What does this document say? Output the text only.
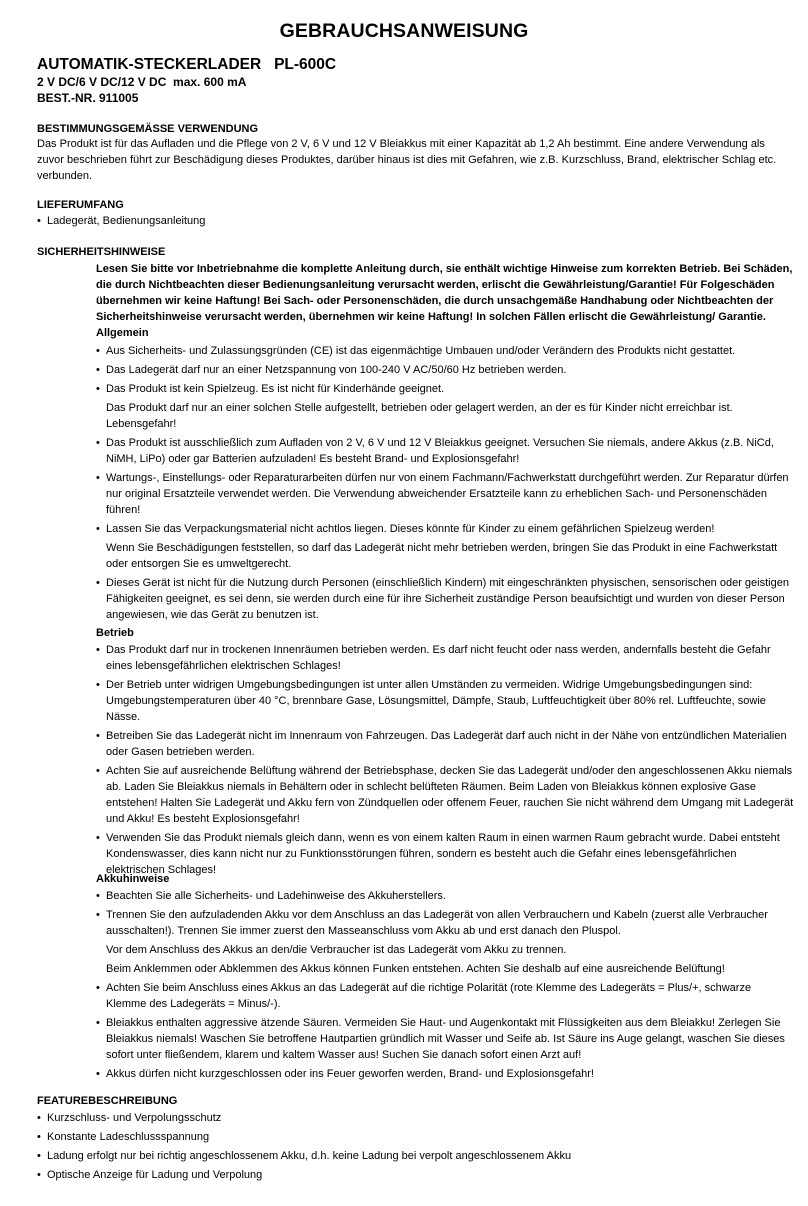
GEBRAUCHSANWEISUNG
AUTOMATIK-STECKERLADER   PL-600C
2 V DC/6 V DC/12 V DC  max. 600 mA
BEST.-NR. 911005
BESTIMMUNGSGEMÄSSE VERWENDUNG
Das Produkt ist für das Aufladen und die Pflege von 2 V, 6 V und 12 V Bleiakkus mit einer Kapazität ab 1,2 Ah bestimmt. Eine andere Verwendung als
zuvor beschrieben führt zur Beschädigung dieses Produktes, darüber hinaus ist dies mit Gefahren, wie z.B. Kurzschluss, Brand, elektrischer Schlag etc.
verbunden.
LIEFERUMFANG
• Ladegerät, Bedienungsanleitung
SICHERHEITSHINWEISE
Lesen Sie bitte vor Inbetriebnahme die komplette Anleitung durch, sie enthält wichtige Hinweise zum korrekten Betrieb. Bei Schäden,
die durch Nichtbeachten dieser Bedienungsanleitung verursacht werden, erlischt die Gewährleistung/Garantie! Für Folgeschäden
übernehmen wir keine Haftung! Bei Sach- oder Personenschäden, die durch unsachgemäße Handhabung oder Nichtbeachten der
Sicherheitshinweise verursacht werden, übernehmen wir keine Haftung! In solchen Fällen erlischt die Gewährleistung/ Garantie.
Allgemein
• Aus Sicherheits- und Zulassungsgründen (CE) ist das eigenmächtige Umbauen und/oder Verändern des Produkts nicht gestattet.
• Das Ladegerät darf nur an einer Netzspannung von 100-240 V AC/50/60 Hz betrieben werden.
• Das Produkt ist kein Spielzeug. Es ist nicht für Kinderhände geeignet.
Das Produkt darf nur an einer solchen Stelle aufgestellt, betrieben oder gelagert werden, an der es für Kinder nicht erreichbar ist.
Lebensgefahr!
• Das Produkt ist ausschließlich zum Aufladen von 2 V, 6 V und 12 V Bleiakkus geeignet. Versuchen Sie niemals, andere Akkus (z.B. NiCd,
NiMH, LiPo) oder gar Batterien aufzuladen! Es besteht Brand- und Explosionsgefahr!
• Wartungs-, Einstellungs- oder Reparaturarbeiten dürfen nur von einem Fachmann/Fachwerkstatt durchgeführt werden. Zur Reparatur dürfen
nur original Ersatzteile verwendet werden. Die Verwendung abweichender Ersatzteile kann zu erheblichen Sach- und Personenschäden
führen!
• Lassen Sie das Verpackungsmaterial nicht achtlos liegen. Dieses könnte für Kinder zu einem gefährlichen Spielzeug werden!
Wenn Sie Beschädigungen feststellen, so darf das Ladegerät nicht mehr betrieben werden, bringen Sie das Produkt in eine Fachwerkstatt
oder entsorgen Sie es umweltgerecht.
• Dieses Gerät ist nicht für die Nutzung durch Personen (einschließlich Kindern) mit eingeschränkten physischen, sensorischen oder geistigen
Fähigkeiten geeignet, es sei denn, sie werden durch eine für ihre Sicherheit zuständige Person beaufsichtigt und wurden von dieser Person
angewiesen, wie das Gerät zu benutzen ist.
Betrieb
• Das Produkt darf nur in trockenen Innenräumen betrieben werden. Es darf nicht feucht oder nass werden, andernfalls besteht die Gefahr
eines lebensgefährlichen elektrischen Schlages!
• Der Betrieb unter widrigen Umgebungsbedingungen ist unter allen Umständen zu vermeiden. Widrige Umgebungsbedingungen sind:
Umgebungstemperaturen über 40 °C, brennbare Gase, Lösungsmittel, Dämpfe, Staub, Luftfeuchtigkeit über 80% rel. Luftfeuchte, sowie
Nässe.
• Betreiben Sie das Ladegerät nicht im Innenraum von Fahrzeugen. Das Ladegerät darf auch nicht in der Nähe von entzündlichen Materialien
oder Gasen betrieben werden.
• Achten Sie auf ausreichende Belüftung während der Betriebsphase, decken Sie das Ladegerät und/oder den angeschlossenen Akku niemals
ab. Laden Sie Bleiakkus niemals in Behältern oder in schlecht belüfteten Räumen. Beim Laden von Bleiakkus können explosive Gase
entstehen! Halten Sie Ladegerät und Akku fern von Zündquellen oder offenem Feuer, rauchen Sie nicht während dem Umgang mit Ladegerät
und Akku! Es besteht Explosionsgefahr!
• Verwenden Sie das Produkt niemals gleich dann, wenn es von einem kalten Raum in einen warmen Raum gebracht wurde. Dabei entsteht
Kondenswasser, dies kann nicht nur zu Funktionsstörungen führen, sondern es besteht auch die Gefahr eines lebensgefährlichen
elektrischen Schlages!
Akkuhinweise
• Beachten Sie alle Sicherheits- und Ladehinweise des Akkuherstellers.
• Trennen Sie den aufzuladenden Akku vor dem Anschluss an das Ladegerät von allen Verbrauchern und Kabeln (zuerst alle Verbraucher
ausschalten!). Trennen Sie immer zuerst den Masseanschluss vom Akku ab und erst danach den Pluspol.
Vor dem Anschluss des Akkus an den/die Verbraucher ist das Ladegerät vom Akku zu trennen.
Beim Anklemmen oder Abklemmen des Akkus können Funken entstehen. Achten Sie deshalb auf eine ausreichende Belüftung!
• Achten Sie beim Anschluss eines Akkus an das Ladegerät auf die richtige Polarität (rote Klemme des Ladegeräts = Plus/+, schwarze
Klemme des Ladegeräts = Minus/-).
• Bleiakkus enthalten aggressive ätzende Säuren. Vermeiden Sie Haut- und Augenkontakt mit Flüssigkeiten aus dem Bleiakku! Zerlegen Sie
Bleiakkus niemals! Waschen Sie betroffene Hautpartien gründlich mit Wasser und Seife ab. Ist Säure ins Auge gelangt, waschen Sie dieses
sofort unter fließendem, klarem und kaltem Wasser aus! Suchen Sie danach sofort einen Arzt auf!
• Akkus dürfen nicht kurzgeschlossen oder ins Feuer geworfen werden, Brand- und Explosionsgefahr!
FEATUREBESCHREIBUNG
• Kurzschluss- und Verpolungsschutz
• Konstante Ladeschlussspannung
• Ladung erfolgt nur bei richtig angeschlossenem Akku, d.h. keine Ladung bei verpolt angeschlossenem Akku
• Optische Anzeige für Ladung und Verpolung
